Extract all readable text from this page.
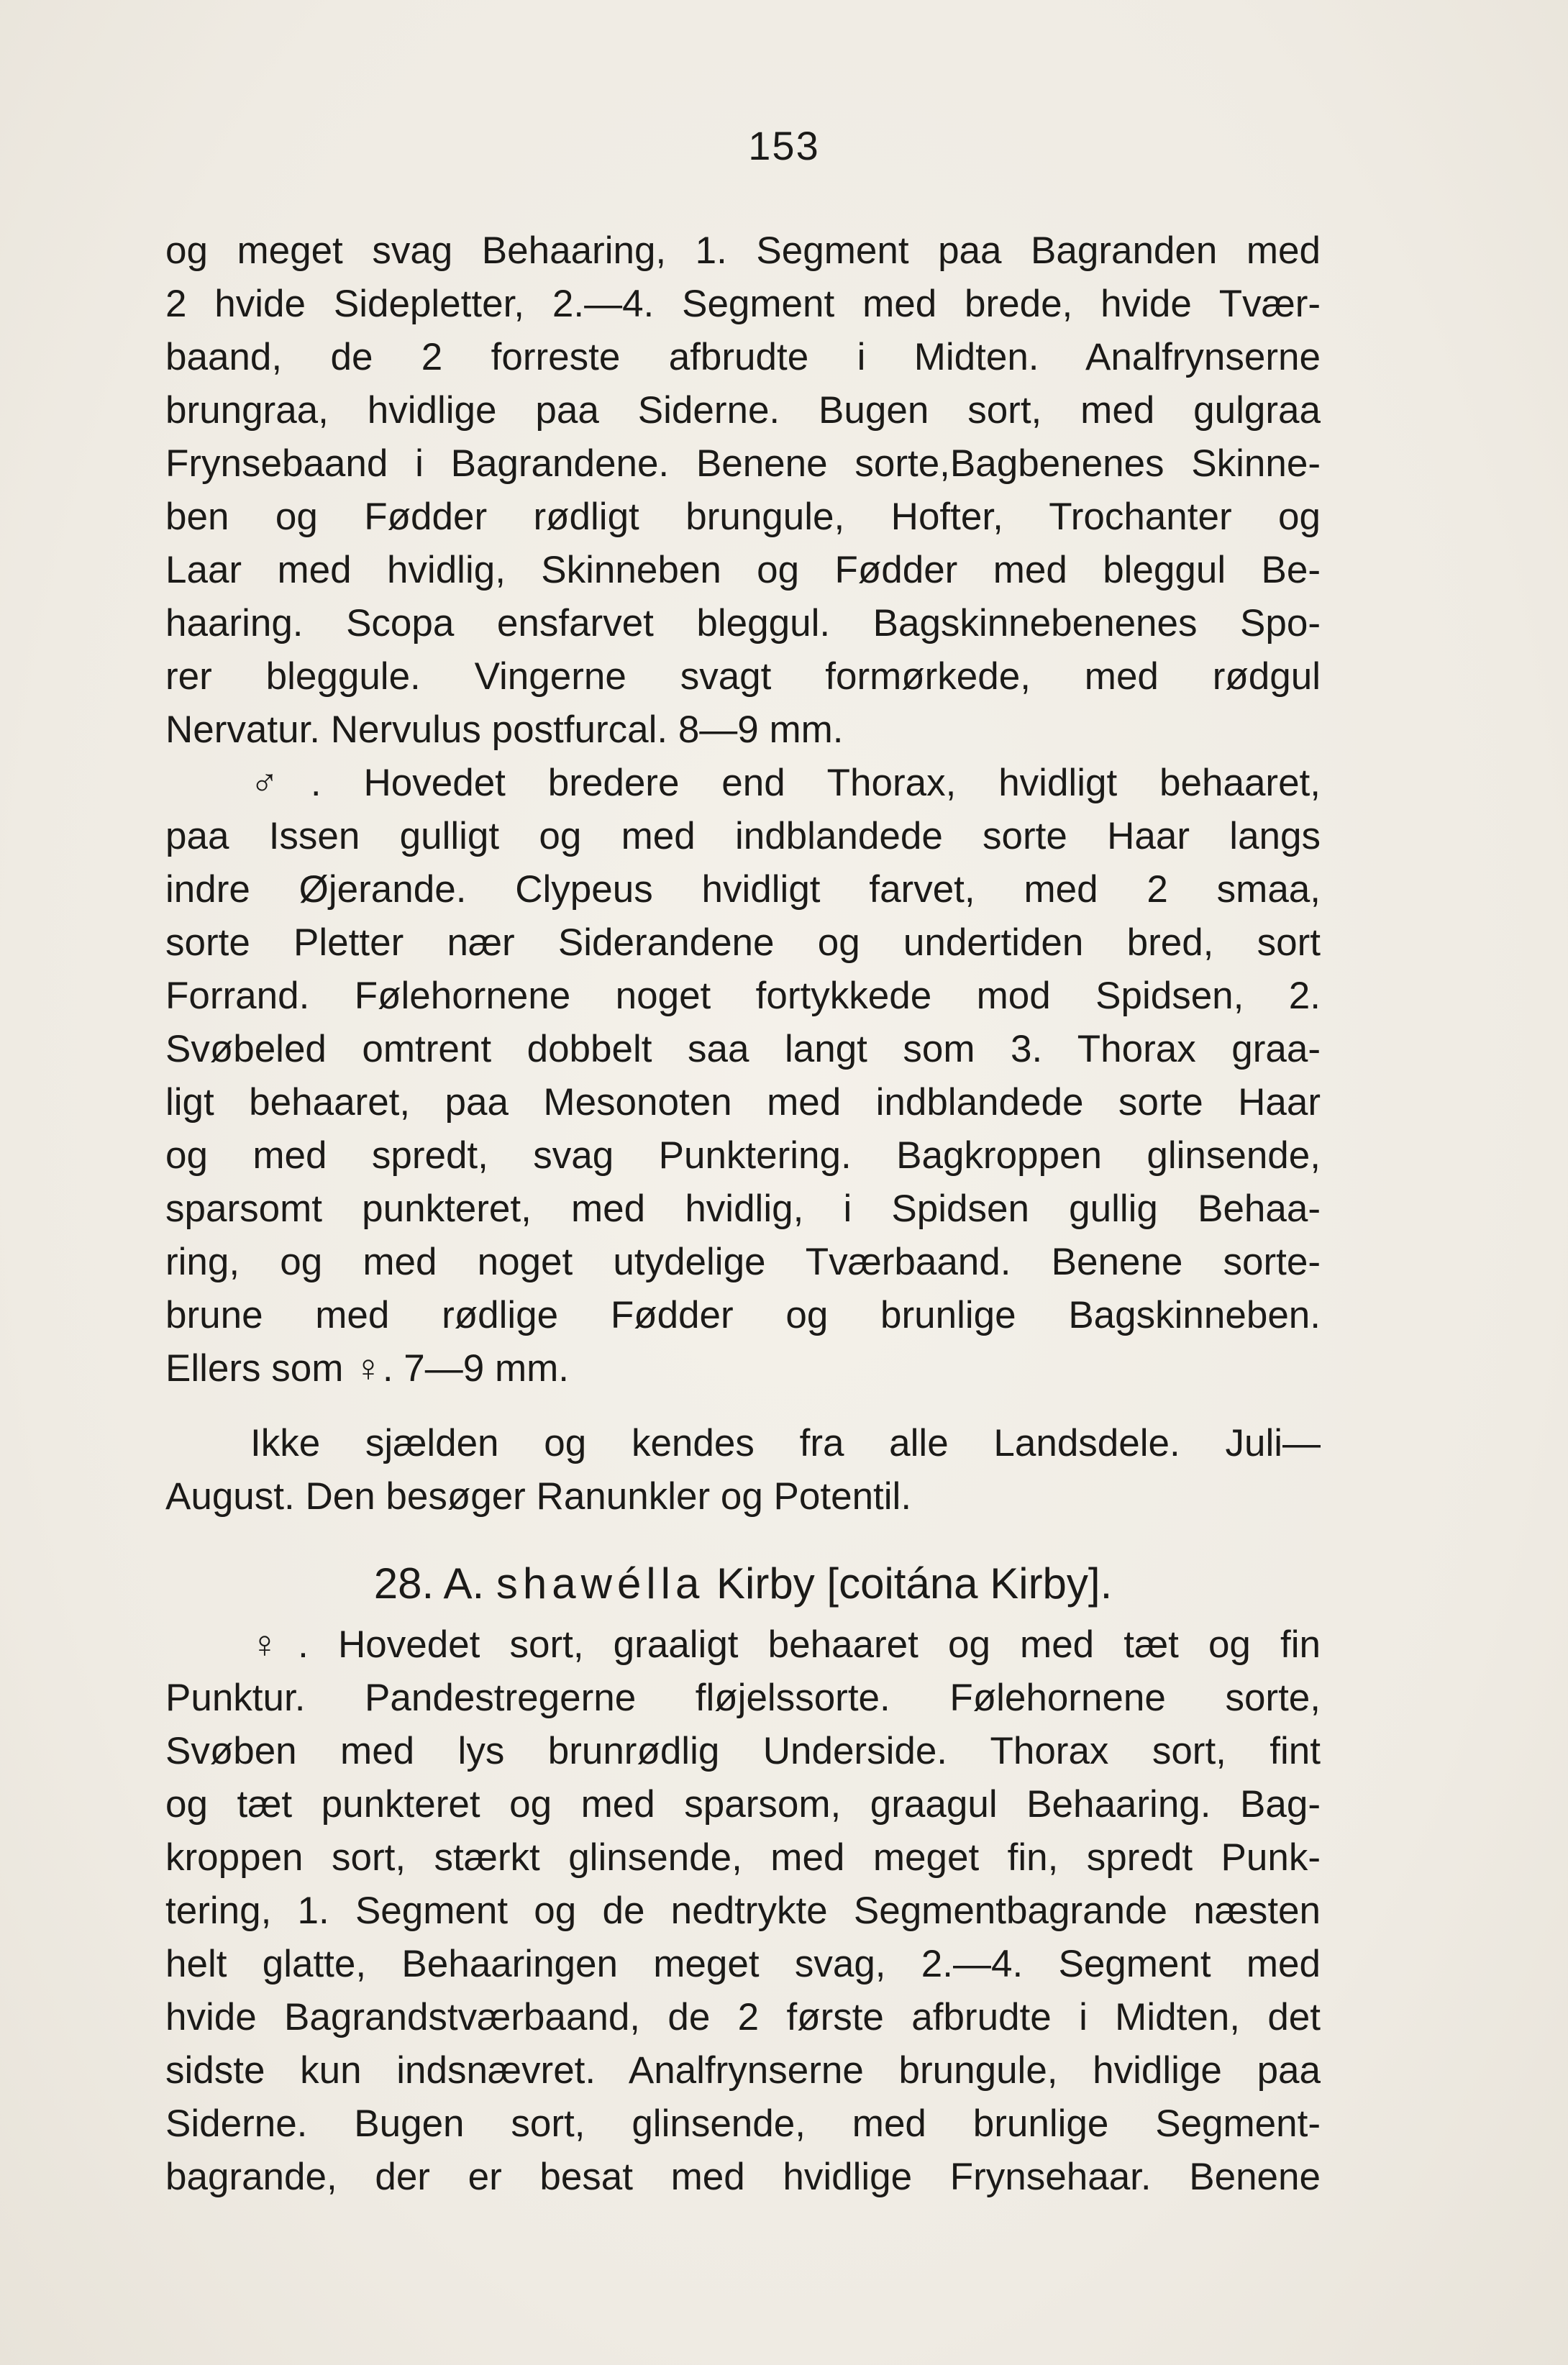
153
og meget svag Behaaring, 1. Segment paa Bagranden med
2 hvide Sidepletter, 2.—4. Segment med brede, hvide Tvær-
baand, de 2 forreste afbrudte i Midten. Analfrynserne
brungraa, hvidlige paa Siderne. Bugen sort, med gulgraa
Frynsebaand i Bagrandene. Benene sorte,Bagbenenes Skinne-
ben og Fødder rødligt brungule, Hofter, Trochanter og
Laar med hvidlig, Skinneben og Fødder med bleggul Be-
haaring. Scopa ensfarvet bleggul. Bagskinnebenenes Spo-
rer bleggule. Vingerne svagt formørkede, med rødgul
Nervatur. Nervulus postfurcal. 8—9 mm.
♂. Hovedet bredere end Thorax, hvidligt behaaret,
paa Issen gulligt og med indblandede sorte Haar langs
indre Øjerande. Clypeus hvidligt farvet, med 2 smaa,
sorte Pletter nær Siderandene og undertiden bred, sort
Forrand. Følehornene noget fortykkede mod Spidsen, 2.
Svøbeled omtrent dobbelt saa langt som 3. Thorax graa-
ligt behaaret, paa Mesonoten med indblandede sorte Haar
og med spredt, svag Punktering. Bagkroppen glinsende,
sparsomt punkteret, med hvidlig, i Spidsen gullig Behaa-
ring, og med noget utydelige Tværbaand. Benene sorte-
brune med rødlige Fødder og brunlige Bagskinneben.
Ellers som ♀. 7—9 mm.
Ikke sjælden og kendes fra alle Landsdele. Juli—
August. Den besøger Ranunkler og Potentil.
28. A. shawélla Kirby [coitána Kirby].
♀. Hovedet sort, graaligt behaaret og med tæt og fin
Punktur. Pandestregerne fløjelssorte. Følehornene sorte,
Svøben med lys brunrødlig Underside. Thorax sort, fint
og tæt punkteret og med sparsom, graagul Behaaring. Bag-
kroppen sort, stærkt glinsende, med meget fin, spredt Punk-
tering, 1. Segment og de nedtrykte Segmentbagrande næsten
helt glatte, Behaaringen meget svag, 2.—4. Segment med
hvide Bagrandstværbaand, de 2 første afbrudte i Midten, det
sidste kun indsnævret. Analfrynserne brungule, hvidlige paa
Siderne. Bugen sort, glinsende, med brunlige Segment-
bagrande, der er besat med hvidlige Frynsehaar. Benene
